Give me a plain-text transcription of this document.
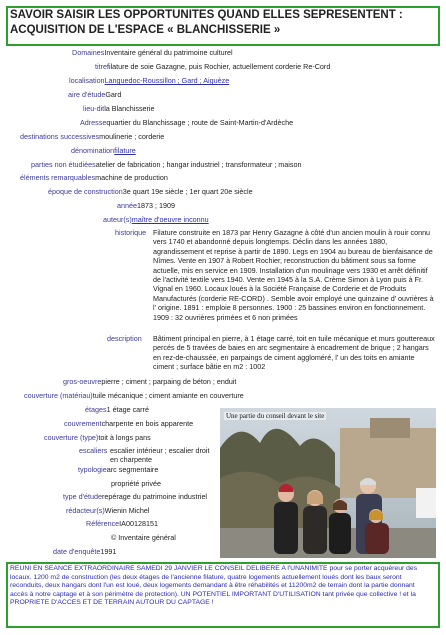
SAVOIR SAISIR LES OPPORTUNITES QUAND ELLES SEPRESENTENT : ACQUISITION DE L'ESPACE « BLANCHISSERIE »
DomainesInventaire général du patrimoine culturel
titrefilature de soie Gazagne, puis Rochier, actuellement corderie Re-Cord
localisationLanguedoc-Roussillon ; Gard ; Aiguèze
aire d'étudeGard
lieu-ditla Blanchisserie
Adressequartier du Blanchissage ; route de Saint-Martin-d'Ardèche
destinations successivesmoulinerie ; corderie
dénominationfilature
parties non étudiéesatelier de fabrication ; hangar industriel ; transformateur ; maison
éléments remarquablesmachine de production
époque de construction3e quart 19e siècle ; 1er quart 20e siècle
année1873 ; 1909
auteur(s)maître d'oeuvre inconnu
historique Filature construite en 1873 par Henry Gazagne à côté d'un ancien moulin à rouir connu vers 1740 et abandonné depuis longtemps. Déclin dans les années 1880, agrandissement et reprise à partir de 1890. Legs en 1904 au bureau de bienfaisance de Nîmes. Vente en 1907 à Robert Rochier, reconstruction du bâtiment sous sa forme actuelle, mis en service en 1909. Installation d'un moulinage vers 1930 et arrêt définitif de l'activité textile vers 1940. Vente en 1945 à la S.A. Crème Simon à Lyon puis à Fr. Vignal en 1960. Locaux loués à la Société Française de Corderie et de Produits Manufacturés (corderie RE-CORD) . Semble avoir employé une quinzaine d' ouvrières à l' origine. 1891 : emploie 8 personnes. 1900 : 25 bassines environ en fonctionnement. 1909 : 32 ouvrières primées et 6 non primées
description Bâtiment principal en pierre, à 1 étage carré, toit en tuile mécanique et murs gouttereaux percés de 5 travées de baies en arc segmentaire à encadrement de brique ; 2 hangars en rez-de-chaussée, en parpaings de ciment aggloméré, l' un des toits en amiante ciment ; surface bâtie en m2 : 1002
gros-oeuvrepierre ; ciment ; parpaing de béton ; enduit
couverture (matériau)tuile mécanique ; ciment amiante en couverture
étages1 étage carré
couvrementcharpente en bois apparente
couverture (type)toit à longs pans
escaliers escalier intérieur ; escalier droit en charpente
typologiearc segmentaire
propriété privée
type d'étuderepérage du patrimoine industriel
rédacteur(s)Wienin Michel
RéférenceIA00128151
© Inventaire général
date d'enquête1991
Une partie du conseil devant le site
REUNI EN SEANCE EXTRAORDINAIRE SAMEDI 29 JANVIER LE CONSEIL DELIBERE A l'UNANIMITE pour se porter acquéreur des locaux. 1200 m2 de construction (les deux étages de l'ancienne filature, quatre logements actuellement loués dont les baux seront reconduits, deux hangars dont l'un est loué, deux logements demandant à être réhabilités et 11200m2 de terrain dont la partie donnant accès à notre captage et à son périmètre de protection). UN POTENTIEL IMPORTANT D'UTILISATION tant privée que collective ! et la PROPRIETE D'ACCES ET DE TERRAIN AUTOUR DU CAPTAGE !
